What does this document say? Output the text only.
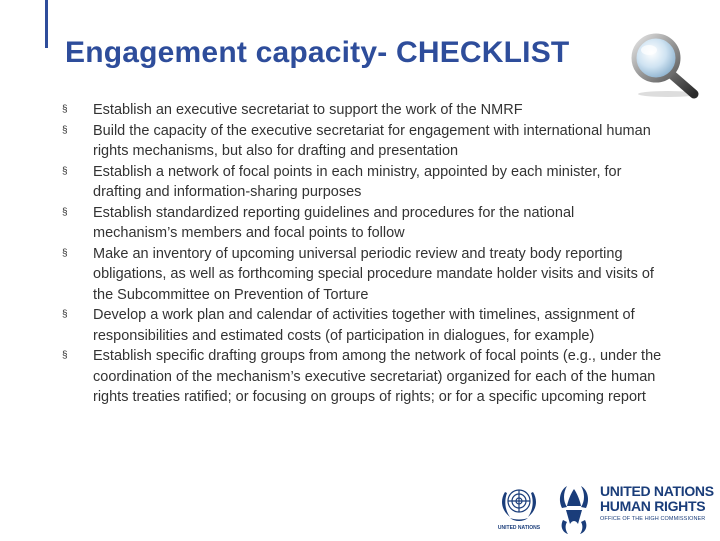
Engagement capacity- CHECKLIST
§	Establish an executive secretariat to support the work of the NMRF
§	Build the capacity of the executive secretariat for engagement with international human rights mechanisms, but also for drafting and presentation
§	Establish a network of focal points in each ministry, appointed by each minister, for drafting and information-sharing purposes
§	Establish standardized reporting guidelines and procedures for the national mechanism’s members and focal points to follow
§	Make an inventory of upcoming universal periodic review and treaty body reporting obligations, as well as forthcoming special procedure mandate holder visits and visits of the Subcommittee on Prevention of Torture
§	Develop a work plan and calendar of activities together with timelines, assignment of responsibilities and estimated costs (of participation in dialogues, for example)
§	Establish specific drafting groups from among the network of focal points (e.g., under the coordination of the mechanism’s executive secretariat) organized for each of the human rights treaties ratified; or focusing on groups of rights; or for a specific upcoming report
UNITED NATIONS
UNITED NATIONS
HUMAN RIGHTS
OFFICE OF THE HIGH COMMISSIONER
